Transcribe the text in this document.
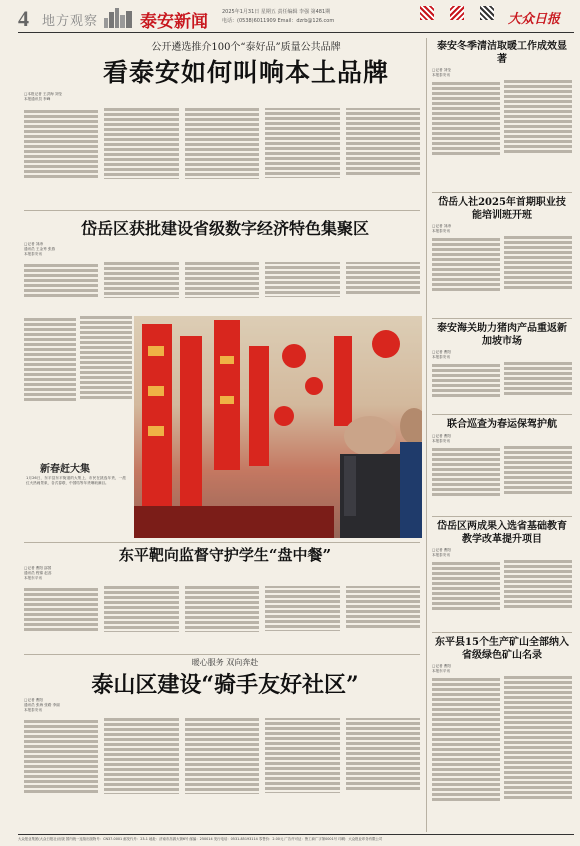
4 地方观察 泰安新闻	2025年1月31日 星期五 责任编辑 李强 第481期
电话：(0538)6011909 Email：dzrb@126.com	大众日报
公开遴选推介100个“泰好品”质量公共品牌
看泰安如何叫响本土品牌
□本报记者 王洪海 刘莹
本报通讯员 李峰
岱岳区获批建设省级数字经济特色集聚区
□记者 刘涛
通讯员 王金秀 张燕
本报泰安讯
新春赶大集
1月26日，东平县东平街道的大集上，市民在挑选年货，一派红火热闹景象，各式春联、中国结等年货琳琅满目。
东平靶向监督守护学生“盘中餐”
□记者 曹阳 邵国
通讯员 程锦 赵蕊
本报东平讯
暖心服务 双向奔赴
泰山区建设“骑手友好社区”
□记者 曹阳
通讯员 张海 张路 李丽
本报泰安讯
泰安冬季清洁取暖工作成效显著
□记者 刘莹
本报泰安讯
岱岳人社2025年首期职业技能培训班开班
□记者 刘涛
本报泰安讯
泰安海关助力猪肉产品重返新加坡市场
□记者 曹阳
本报泰安讯
联合巡查为春运保驾护航
□记者 曹阳
本报泰安讯
岱岳区两成果入选省基础教育教学改革提升项目
□记者 曹阳
本报泰安讯
东平县15个生产矿山全部纳入省级绿色矿山名录
□记者 曹阳
本报东平讯
大众报业集团(大众日报社)出版 国内统一连续出版物号：CN37-0001 邮发代号：23-1 地址：济南市泺源大街6号 邮编：250014 发行电话：0531-85193114 零售价：2.00元 广告许可证：鲁工商广字第0001号 印刷：大众报业印务有限公司
